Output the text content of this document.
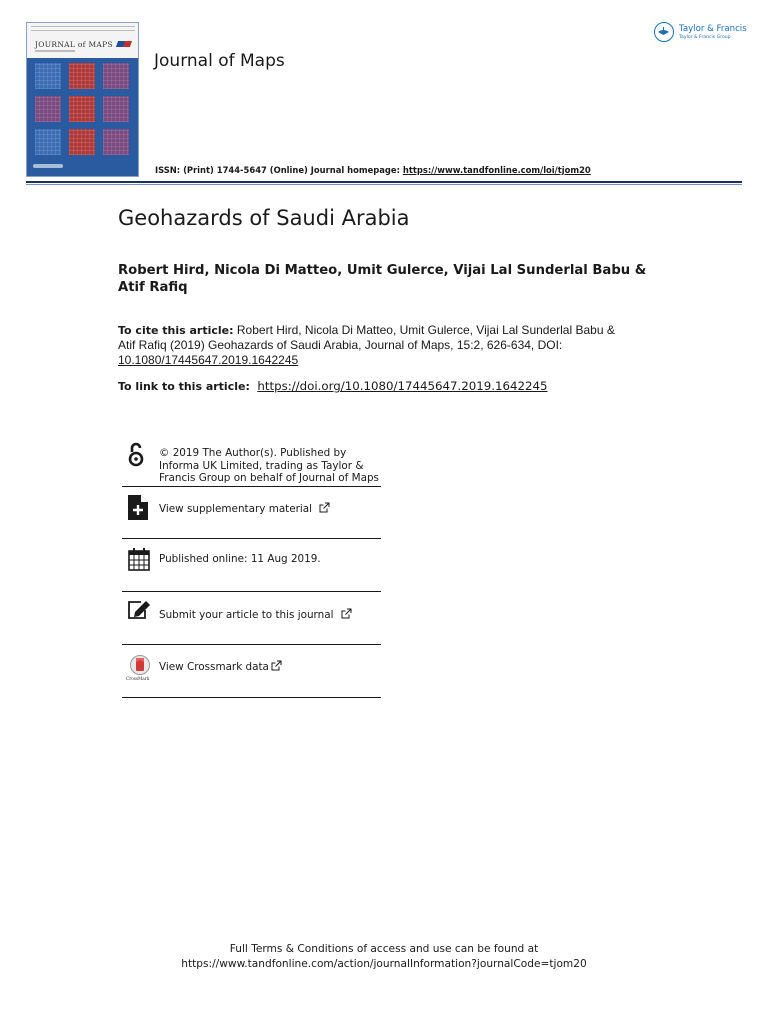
JOURNAL of MAPS
Journal of Maps
ISSN: (Print) 1744-5647 (Online) Journal homepage: https://www.tandfonline.com/loi/tjom20
Taylor & Francis
Taylor & Francis Group
Geohazards of Saudi Arabia
Robert Hird, Nicola Di Matteo, Umit Gulerce, Vijai Lal Sunderlal Babu & Atif Rafiq
To cite this article: Robert Hird, Nicola Di Matteo, Umit Gulerce, Vijai Lal Sunderlal Babu & Atif Rafiq (2019) Geohazards of Saudi Arabia, Journal of Maps, 15:2, 626-634, DOI:
10.1080/17445647.2019.1642245
To link to this article: https://doi.org/10.1080/17445647.2019.1642245
© 2019 The Author(s). Published by Informa UK Limited, trading as Taylor & Francis Group on behalf of Journal of Maps
View supplementary material
Published online: 11 Aug 2019.
Submit your article to this journal
CrossMark
View Crossmark data
Full Terms & Conditions of access and use can be found at
https://www.tandfonline.com/action/journalInformation?journalCode=tjom20
